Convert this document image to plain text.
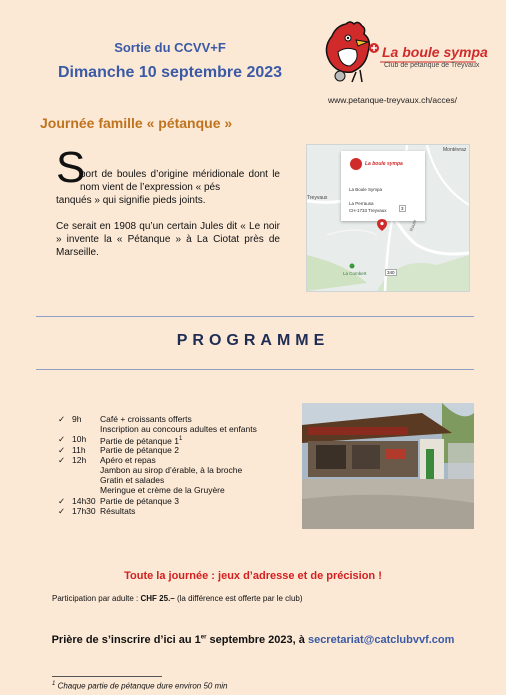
Sortie du CCVV+F
Dimanche 10 septembre 2023
La boule sympa
Club de pétanque de Treyvaux
www.petanque-treyvaux.ch/acces/
Journée famille « pétanque »
S
port de boules d’origine méridionale dont le nom vient de l’expression « pés
tanqués » qui signifie pieds joints.
Ce serait en 1908 qu’un certain Jules dit « Le noir » invente la « Pétanque » à La Ciotat près de Marseille.
La boule sympa
La Boule Sympa
La Perrausa
CH-1733 Treyvaux
Treyvaux
Montévraz
Route
La Combert
3
340
PROGRAMME
✓ 9h Café + croissants offerts
Inscription au concours adultes et enfants
✓ 10h Partie de pétanque $1^1$
✓ 11h Partie de pétanque 2
✓ 12h Apéro et repas
Jambon au sirop d’érable, à la broche
Gratin et salades
Meringue et crème de la Gruyère
✓ 14h30 Partie de pétanque 3
✓ 17h30 Résultats
Toute la journée : jeux d’adresse et de précision !
Participation par adulte : CHF 25.– (la différence est offerte par le club)
Prière de s’inscrire d’ici au 1er septembre 2023, à secretariat@catclubvvf.com
$^1$ Chaque partie de pétanque dure environ 50 min
